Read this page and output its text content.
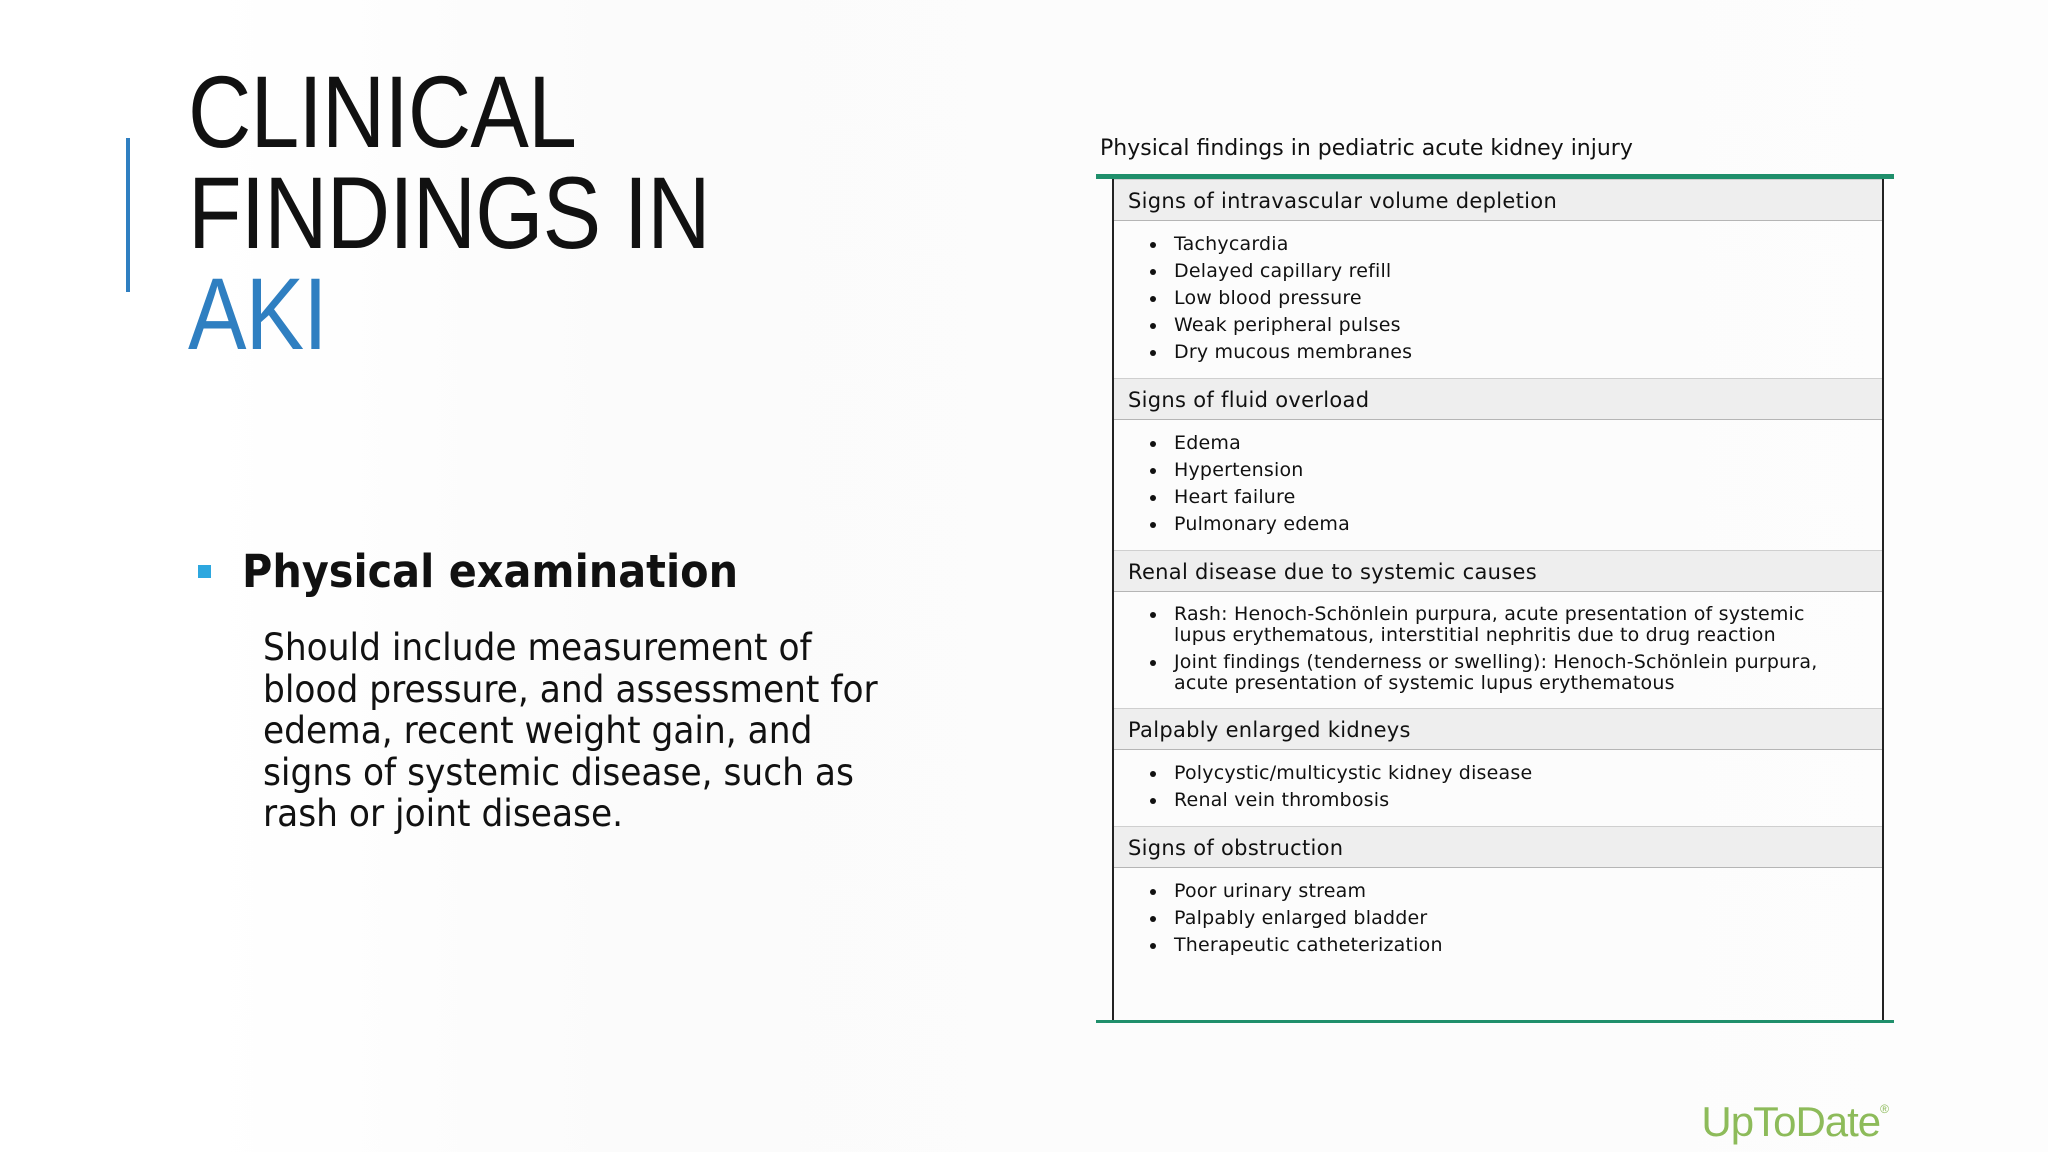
CLINICAL
FINDINGS IN
AKI
Physical examination
Should include measurement of blood pressure, and assessment for edema, recent weight gain, and signs of systemic disease, such as rash or joint disease.
Physical findings in pediatric acute kidney injury
Signs of intravascular volume depletion
Tachycardia
Delayed capillary refill
Low blood pressure
Weak peripheral pulses
Dry mucous membranes
Signs of fluid overload
Edema
Hypertension
Heart failure
Pulmonary edema
Renal disease due to systemic causes
Rash: Henoch-Schönlein purpura, acute presentation of systemic lupus erythematous, interstitial nephritis due to drug reaction
Joint findings (tenderness or swelling): Henoch-Schönlein purpura, acute presentation of systemic lupus erythematous
Palpably enlarged kidneys
Polycystic/multicystic kidney disease
Renal vein thrombosis
Signs of obstruction
Poor urinary stream
Palpably enlarged bladder
Therapeutic catheterization
UpToDate®
